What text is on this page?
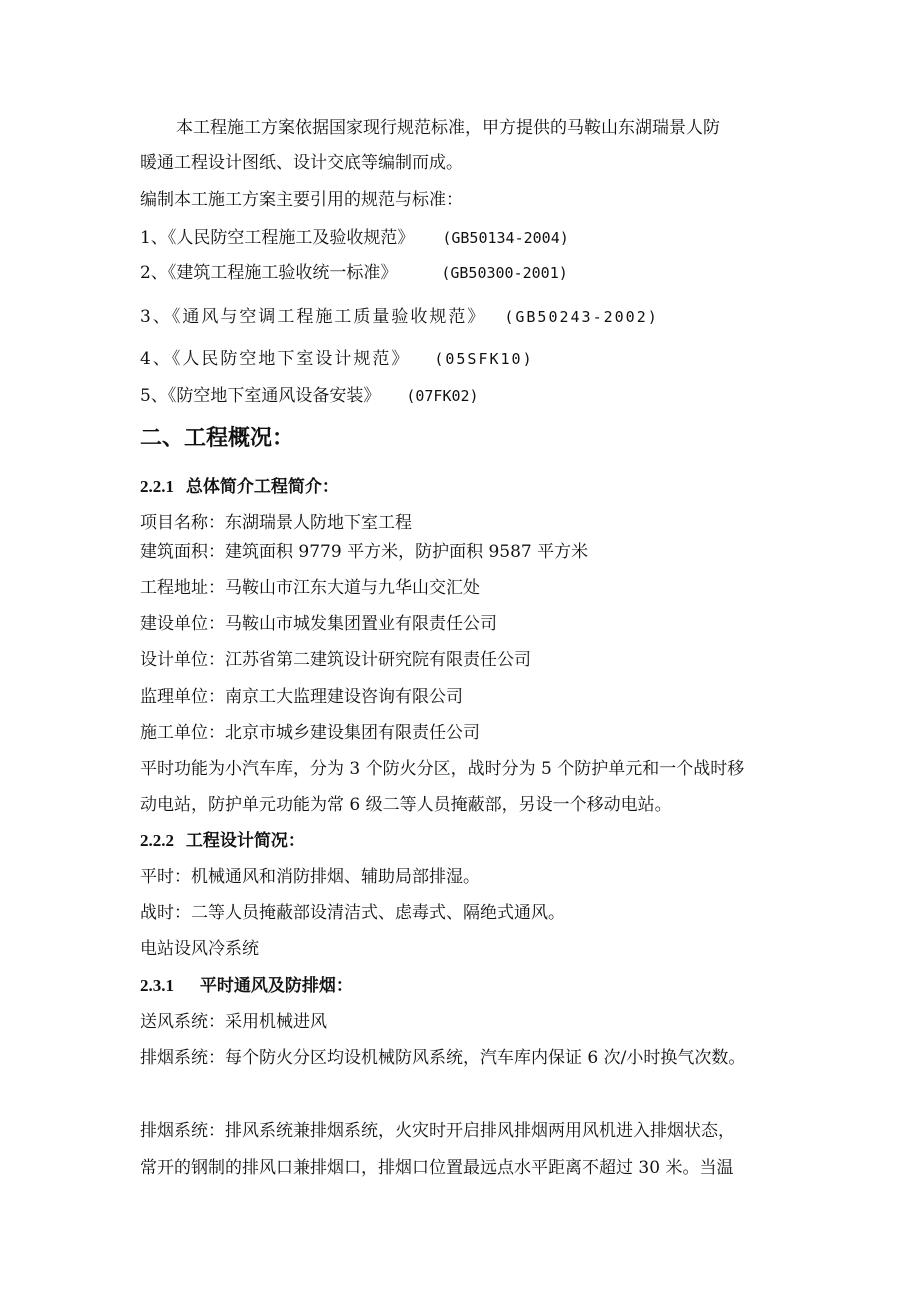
本工程施工方案依据国家现行规范标准，甲方提供的马鞍山东湖瑞景人防
暖通工程设计图纸、设计交底等编制而成。
编制本工施工方案主要引用的规范与标准：
1、《人民防空工程施工及验收规范》 (GB50134-2004)
2、《建筑工程施工验收统一标准》	(GB50300-2001)
3、《通风与空调工程施工质量验收规范》 (GB50243-2002)
4、《人民防空地下室设计规范》 (05SFK10)
5、《防空地下室通风设备安装》 (07FK02)
二、工程概况：
2.2.1 总体简介工程简介：
项目名称：东湖瑞景人防地下室工程
建筑面积：建筑面积 9779 平方米，防护面积 9587 平方米
工程地址：马鞍山市江东大道与九华山交汇处
建设单位：马鞍山市城发集团置业有限责任公司
设计单位：江苏省第二建筑设计研究院有限责任公司
监理单位：南京工大监理建设咨询有限公司
施工单位：北京市城乡建设集团有限责任公司
平时功能为小汽车库，分为 3 个防火分区，战时分为 5 个防护单元和一个战时移
动电站，防护单元功能为常 6 级二等人员掩蔽部，另设一个移动电站。
2.2.2 工程设计简况：
平时：机械通风和消防排烟、辅助局部排湿。
战时：二等人员掩蔽部设清洁式、虑毒式、隔绝式通风。
电站设风冷系统
2.3.1 平时通风及防排烟：
送风系统：采用机械进风
排烟系统：每个防火分区均设机械防风系统，汽车库内保证 6 次/小时换气次数。
排烟系统：排风系统兼排烟系统，火灾时开启排风排烟两用风机进入排烟状态，
常开的钢制的排风口兼排烟口，排烟口位置最远点水平距离不超过 30 米。当温
